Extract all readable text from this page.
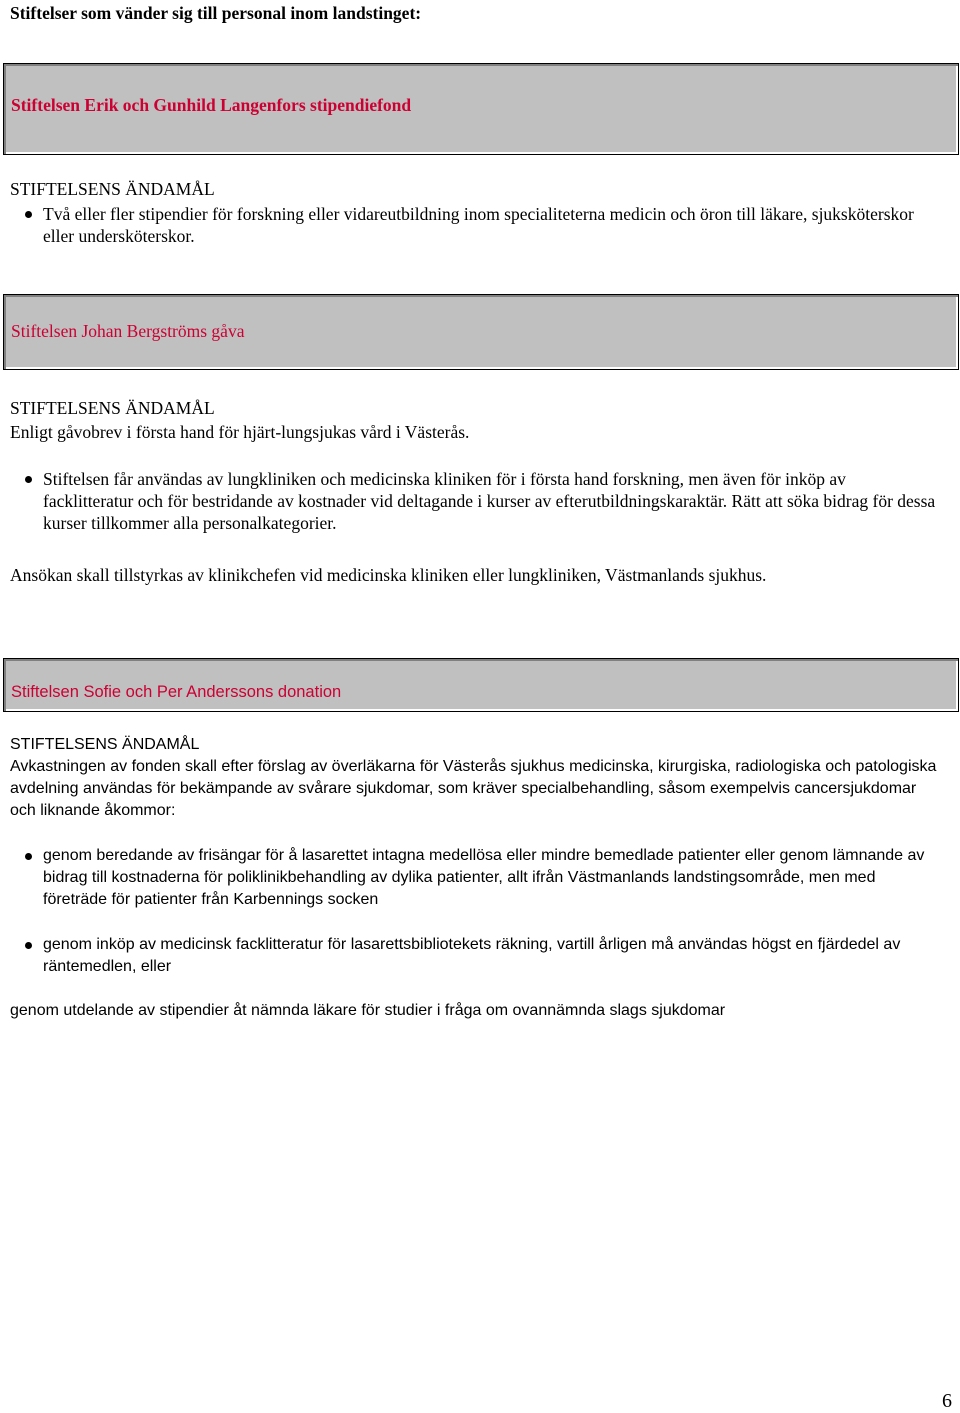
Stiftelser som vänder sig till personal inom landstinget:
Stiftelsen Erik och Gunhild Langenfors stipendiefond
STIFTELSENS ÄNDAMÅL
Två eller fler stipendier för forskning eller vidareutbildning inom specialiteterna medicin och öron till läkare, sjuksköterskor eller undersköterskor.
Stiftelsen Johan Bergströms gåva
STIFTELSENS ÄNDAMÅL
Enligt gåvobrev i första hand för hjärt-lungsjukas vård i Västerås.
Stiftelsen får användas av lungkliniken och medicinska kliniken för i första hand forskning, men även för inköp av facklitteratur och för bestridande av kostnader vid deltagande i kurser av efterutbildningskaraktär. Rätt att söka bidrag för dessa kurser tillkommer alla personalkategorier.
Ansökan skall tillstyrkas av klinikchefen vid medicinska kliniken eller lungkliniken, Västmanlands sjukhus.
Stiftelsen Sofie och Per Anderssons donation
STIFTELSENS ÄNDAMÅL
Avkastningen av fonden skall efter förslag av överläkarna för Västerås sjukhus medicinska, kirurgiska, radiologiska och patologiska avdelning användas för bekämpande av svårare sjukdomar, som kräver specialbehandling, såsom exempelvis cancersjukdomar och liknande åkommor:
genom beredande av frisängar för å lasarettet intagna medellösa eller mindre bemedlade patienter eller genom lämnande av bidrag till kostnaderna för poliklinikbehandling av dylika patienter, allt ifrån Västmanlands landstingsområde, men med företräde för patienter från Karbennings socken
genom inköp av medicinsk facklitteratur för lasarettsbibliotekets räkning, vartill årligen må användas högst en fjärdedel av räntemedlen, eller
genom utdelande av stipendier åt nämnda läkare för studier i fråga om ovannämnda slags sjukdomar
6
